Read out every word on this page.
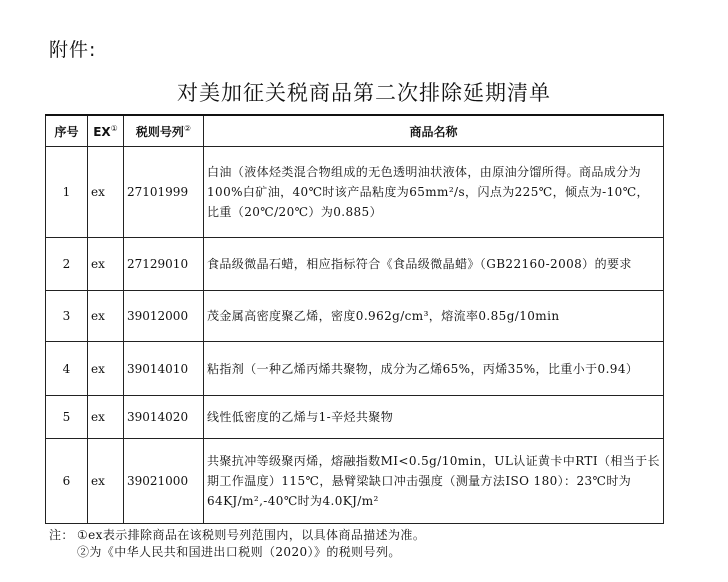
附件:
对美加征关税商品第二次排除延期清单
序号	EX①	税则号列②	商品名称
1	ex	27101999	白油（液体烃类混合物组成的无色透明油状液体，由原油分馏所得。商品成分为100%白矿油，40℃时该产品粘度为65mm²/s，闪点为225℃，倾点为-10℃，比重（20℃/20℃）为0.885）
2	ex	27129010	食品级微晶石蜡，相应指标符合《食品级微晶蜡》（GB22160-2008）的要求
3	ex	39012000	茂金属高密度聚乙烯，密度0.962g/cm³，熔流率0.85g/10min
4	ex	39014010	粘指剂（一种乙烯丙烯共聚物，成分为乙烯65%，丙烯35%，比重小于0.94）
5	ex	39014020	线性低密度的乙烯与1-辛烃共聚物
6	ex	39021000	共聚抗冲等级聚丙烯，熔融指数MI<0.5g/10min，UL认证黄卡中RTI（相当于长期工作温度）115℃，悬臂梁缺口冲击强度（测量方法ISO 180）：23℃时为64KJ/m²,-40℃时为4.0KJ/m²
注： ①ex表示排除商品在该税则号列范围内，以具体商品描述为准。
②为《中华人民共和国进出口税则（2020）》的税则号列。
